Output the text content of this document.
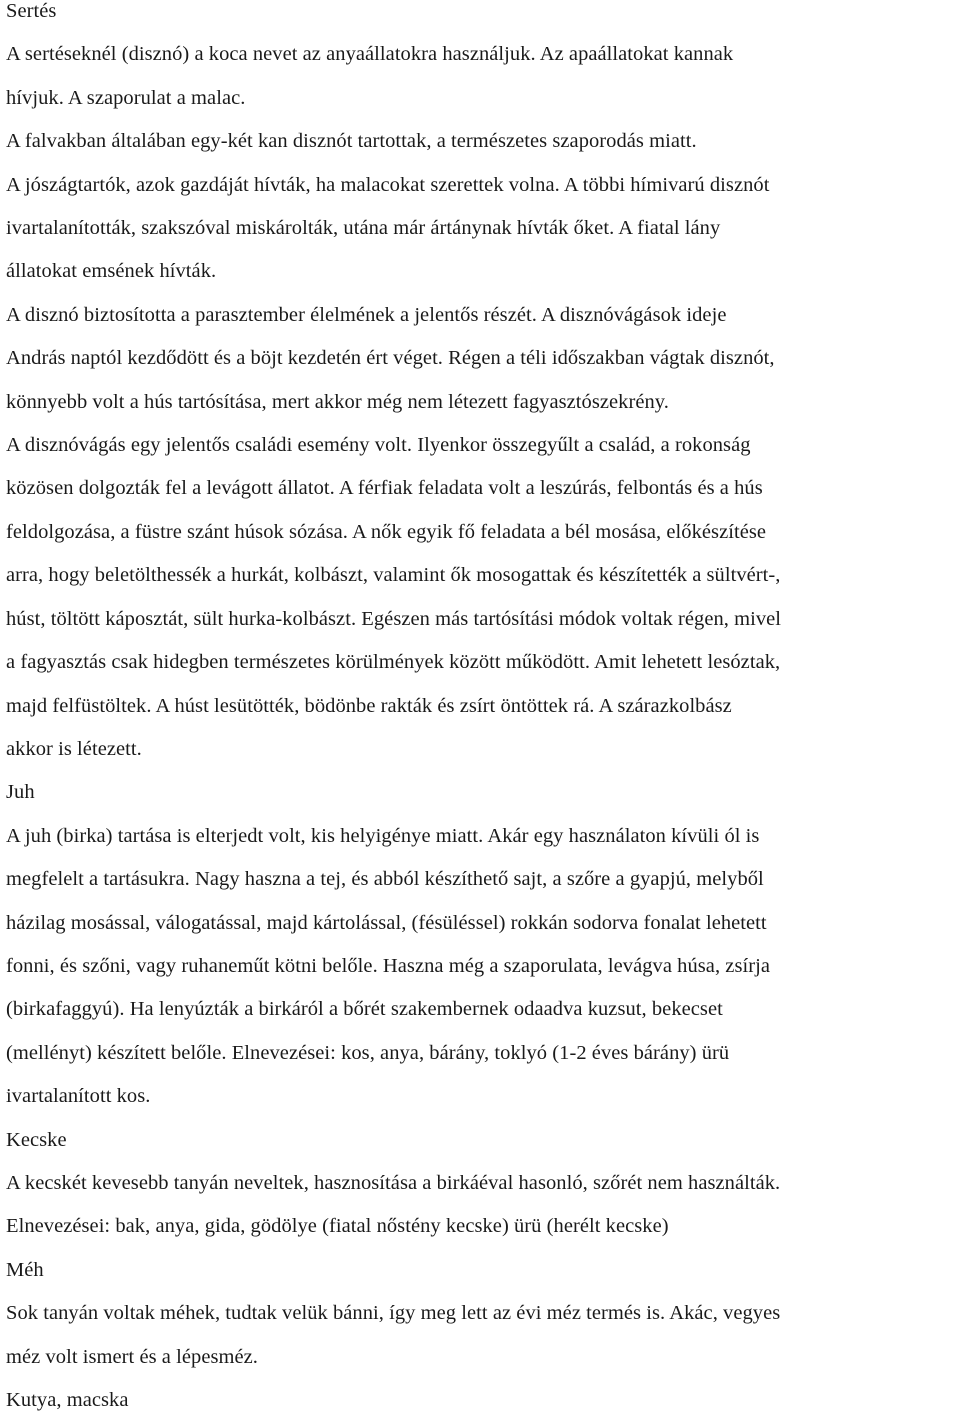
Sertés
A sertéseknél (disznó) a koca nevet az anyaállatokra használjuk. Az apaállatokat kannak
hívjuk. A szaporulat a malac.
A falvakban általában egy-két kan disznót tartottak, a természetes szaporodás miatt.
A jószágtartók, azok gazdáját hívták, ha malacokat szerettek volna. A többi hímivarú disznót
ivartalanították, szakszóval miskárolták, utána már ártánynak hívták őket. A fiatal lány
állatokat emsének hívták.
A disznó biztosította a parasztember élelmének a jelentős részét. A disznóvágások ideje
András naptól kezdődött és a böjt kezdetén ért véget. Régen a téli időszakban vágtak disznót,
könnyebb volt a hús tartósítása, mert akkor még nem létezett fagyasztószekrény.
A disznóvágás egy jelentős családi esemény volt. Ilyenkor összegyűlt a család, a rokonság
közösen dolgozták fel a levágott állatot. A férfiak feladata volt a leszúrás, felbontás és a hús
feldolgozása, a füstre szánt húsok sózása. A nők egyik fő feladata a bél mosása, előkészítése
arra, hogy beletölthessék a hurkát, kolbászt, valamint ők mosogattak és készítették a sültvért-,
húst, töltött káposztát, sült hurka-kolbászt. Egészen más tartósítási módok voltak régen, mivel
a fagyasztás csak hidegben természetes körülmények között működött. Amit lehetett lesóztak,
majd felfüstöltek. A húst lesütötték, bödönbe rakták és zsírt öntöttek rá. A szárazkolbász
akkor is létezett.
Juh
A juh (birka) tartása is elterjedt volt, kis helyigénye miatt. Akár egy használaton kívüli ól is
megfelelt a tartásukra. Nagy haszna a tej, és abból készíthető sajt, a szőre a gyapjú, melyből
házilag mosással, válogatással, majd kártolással, (fésüléssel) rokkán sodorva fonalat lehetett
fonni, és szőni, vagy ruhaneműt kötni belőle. Haszna még a szaporulata, levágva húsa, zsírja
(birkafaggyú). Ha lenyúzták a birkáról a bőrét szakembernek odaadva kuzsut, bekecset
(mellényt) készített belőle. Elnevezései: kos, anya, bárány, toklyó (1-2 éves bárány) ürü
ivartalanított kos.
Kecske
A kecskét kevesebb tanyán neveltek, hasznosítása a birkáéval hasonló, szőrét nem használták.
Elnevezései: bak, anya, gida, gödölye (fiatal nőstény kecske) ürü (herélt kecske)
Méh
Sok tanyán voltak méhek, tudtak velük bánni, így meg lett az évi méz termés is. Akác, vegyes
méz volt ismert és a lépesméz.
Kutya, macska
